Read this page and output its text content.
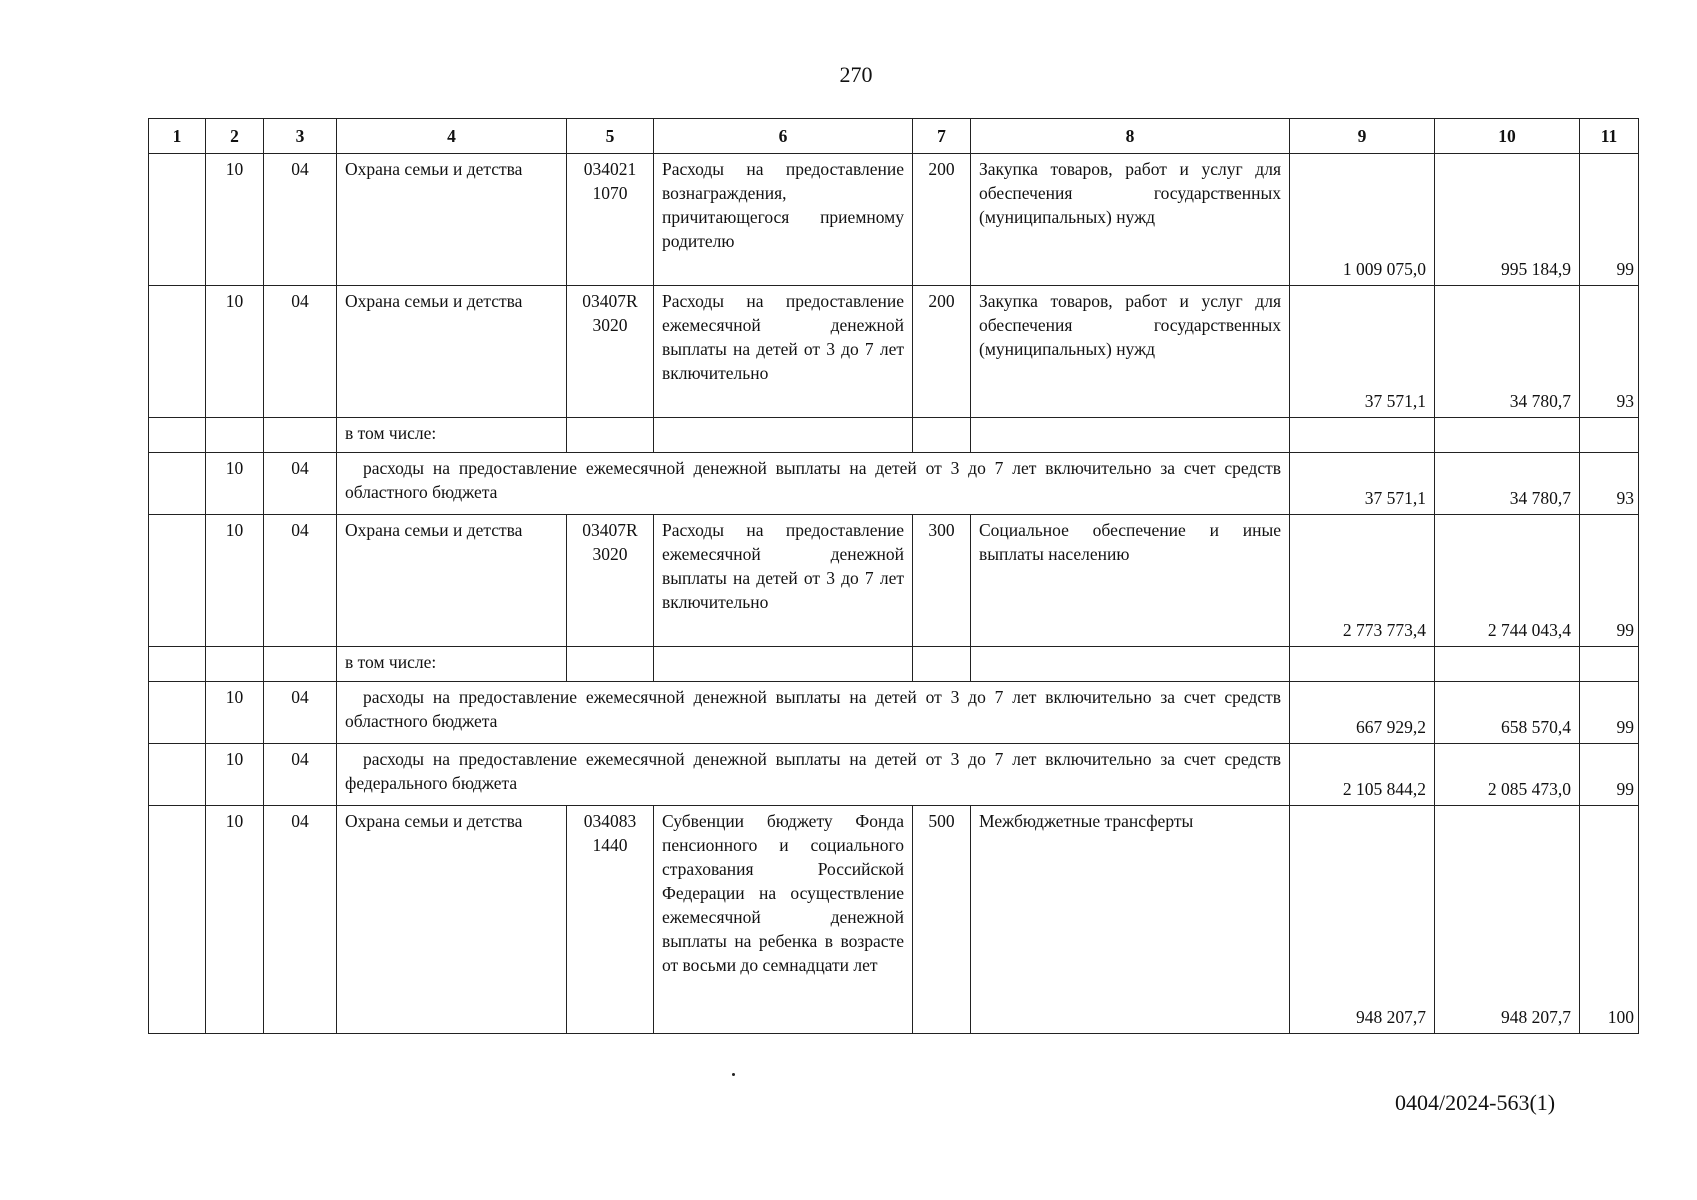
270
1	2	3	4	5	6	7	8	9	10	11
	10	04	Охрана семьи и детства	034021 1070	Расходы на предоставление вознаграждения, причитающегося приемному родителю	200	Закупка товаров, работ и услуг для обеспечения государственных (муниципальных) нужд	1 009 075,0	995 184,9	99
	10	04	Охрана семьи и детства	03407R 3020	Расходы на предоставление ежемесячной денежной выплаты на детей от 3 до 7 лет включительно	200	Закупка товаров, работ и услуг для обеспечения государственных (муниципальных) нужд	37 571,1	34 780,7	93
			в том числе:							
	10	04	расходы на предоставление ежемесячной денежной выплаты на детей от 3 до 7 лет включительно за счет средств областного бюджета					37 571,1	34 780,7	93
	10	04	Охрана семьи и детства	03407R 3020	Расходы на предоставление ежемесячной денежной выплаты на детей от 3 до 7 лет включительно	300	Социальное обеспечение и иные выплаты населению	2 773 773,4	2 744 043,4	99
			в том числе:							
	10	04	расходы на предоставление ежемесячной денежной выплаты на детей от 3 до 7 лет включительно за счет средств областного бюджета					667 929,2	658 570,4	99
	10	04	расходы на предоставление ежемесячной денежной выплаты на детей от 3 до 7 лет включительно за счет средств федерального бюджета					2 105 844,2	2 085 473,0	99
	10	04	Охрана семьи и детства	034083 1440	Субвенции бюджету Фонда пенсионного и социального страхования Российской Федерации на осуществление ежемесячной денежной выплаты на ребенка в возрасте от восьми до семнадцати лет	500	Межбюджетные трансферты	948 207,7	948 207,7	100
0404/2024-563(1)
